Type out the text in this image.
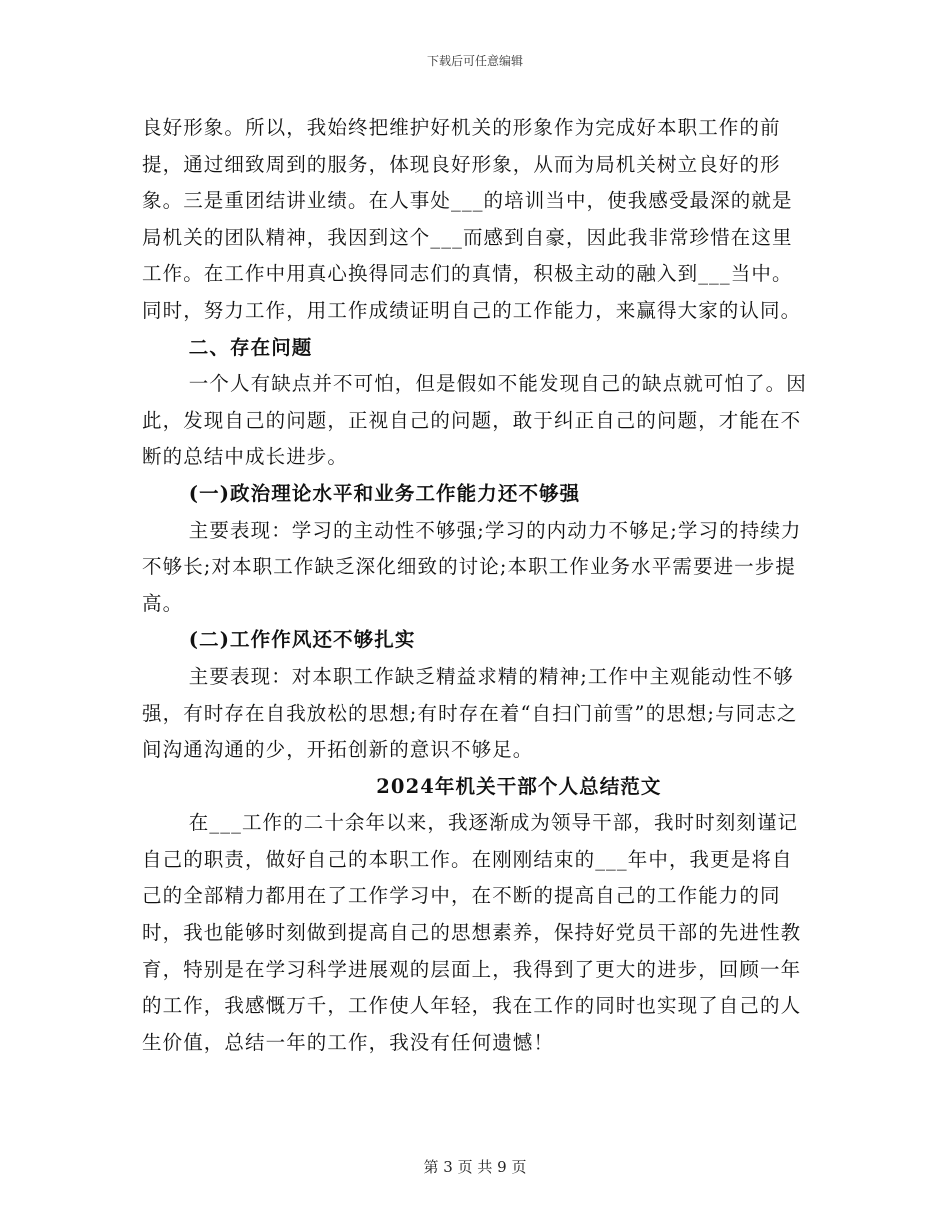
下载后可任意编辑

良好形象。所以，我始终把维护好机关的形象作为完成好本职工作的前提，通过细致周到的服务，体现良好形象，从而为局机关树立良好的形象。三是重团结讲业绩。在人事处___的培训当中，使我感受最深的就是局机关的团队精神，我因到这个___而感到自豪，因此我非常珍惜在这里工作。在工作中用真心换得同志们的真情，积极主动的融入到___当中。同时，努力工作，用工作成绩证明自己的工作能力，来赢得大家的认同。

二、存在问题

一个人有缺点并不可怕，但是假如不能发现自己的缺点就可怕了。因此，发现自己的问题，正视自己的问题，敢于纠正自己的问题，才能在不断的总结中成长进步。

(一)政治理论水平和业务工作能力还不够强

主要表现：学习的主动性不够强;学习的内动力不够足;学习的持续力不够长;对本职工作缺乏深化细致的讨论;本职工作业务水平需要进一步提高。

(二)工作作风还不够扎实

主要表现：对本职工作缺乏精益求精的精神;工作中主观能动性不够强，有时存在自我放松的思想;有时存在着“自扫门前雪”的思想;与同志之间沟通沟通的少，开拓创新的意识不够足。

2024年机关干部个人总结范文

在___工作的二十余年以来，我逐渐成为领导干部，我时时刻刻谨记自己的职责，做好自己的本职工作。在刚刚结束的___年中，我更是将自己的全部精力都用在了工作学习中，在不断的提高自己的工作能力的同时，我也能够时刻做到提高自己的思想素养，保持好党员干部的先进性教育，特别是在学习科学进展观的层面上，我得到了更大的进步，回顾一年的工作，我感慨万千，工作使人年轻，我在工作的同时也实现了自己的人生价值，总结一年的工作，我没有任何遗憾！

第 3 页 共 9 页
